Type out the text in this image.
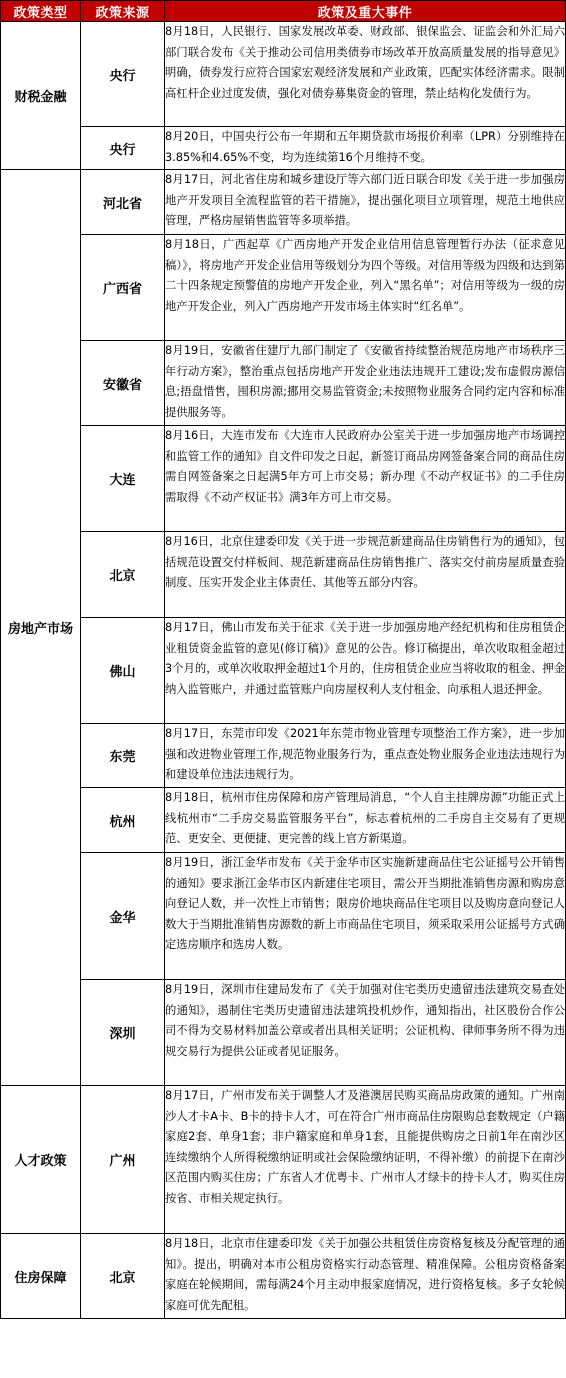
政策类型	政策来源	政策及重大事件
财税金融	央行	8月18日，人民银行、国家发展改革委、财政部、银保监会、证监会和外汇局六部门联合发布《关于推动公司信用类债券市场改革开放高质量发展的指导意见》明确，债券发行应符合国家宏观经济发展和产业政策，匹配实体经济需求。限制高杠杆企业过度发债，强化对债券募集资金的管理，禁止结构化发债行为。
	央行	8月20日，中国央行公布一年期和五年期贷款市场报价利率（LPR）分别维持在3.85%和4.65%不变，均为连续第16个月维持不变。
房地产市场	河北省	8月17日，河北省住房和城乡建设厅等六部门近日联合印发《关于进一步加强房地产开发项目全流程监管的若干措施》，提出强化项目立项管理，规范土地供应管理，严格房屋销售监管等多项举措。
	广西省	8月18日，广西起草《广西房地产开发企业信用信息管理暂行办法（征求意见稿）》，将房地产开发企业信用等级划分为四个等级。对信用等级为四级和达到第二十四条规定预警值的房地产开发企业，列入“黑名单”；对信用等级为一级的房地产开发企业，列入广西房地产开发市场主体实时“红名单”。
	安徽省	8月19日，安徽省住建厅九部门制定了《安徽省持续整治规范房地产市场秩序三年行动方案》，整治重点包括房地产开发企业违法违规开工建设;发布虚假房源信息;捂盘惜售，囤积房源;挪用交易监管资金;未按照物业服务合同约定内容和标准提供服务等。
	大连	8月16日，大连市发布《大连市人民政府办公室关于进一步加强房地产市场调控和监管工作的通知》自文件印发之日起，新签订商品房网签备案合同的商品住房需自网签备案之日起满5年方可上市交易；新办理《不动产权证书》的二手住房需取得《不动产权证书》满3年方可上市交易。
	北京	8月16日，北京住建委印发《关于进一步规范新建商品住房销售行为的通知》，包括规范设置交付样板间、规范新建商品住房销售推广、落实交付前房屋质量查验制度、压实开发企业主体责任、其他等五部分内容。
	佛山	8月17日，佛山市发布关于征求《关于进一步加强房地产经纪机构和住房租赁企业租赁资金监管的意见(修订稿)》意见的公告。修订稿提出，单次收取租金超过3个月的，或单次收取押金超过1个月的，住房租赁企业应当将收取的租金、押金纳入监管账户，并通过监管账户向房屋权利人支付租金、向承租人退还押金。
	东莞	8月17日，东莞市印发《2021年东莞市物业管理专项整治工作方案》，进一步加强和改进物业管理工作,规范物业服务行为，重点查处物业服务企业违法违规行为和建设单位违法违规行为。
	杭州	8月18日，杭州市住房保障和房产管理局消息，“个人自主挂牌房源”功能正式上线杭州市“二手房交易监管服务平台”，标志着杭州的二手房自主交易有了更规范、更安全、更便捷、更完善的线上官方新渠道。
	金华	8月19日，浙江金华市发布《关于金华市区实施新建商品住宅公证摇号公开销售的通知》要求浙江金华市区内新建住宅项目，需公开当期批准销售房源和购房意向登记人数，并一次性上市销售；限房价地块商品住宅项目以及购房意向登记人数大于当期批准销售房源数的新上市商品住宅项目，须采取采用公证摇号方式确定选房顺序和选房人数。
	深圳	8月19日，深圳市住建局发布了《关于加强对住宅类历史遗留违法建筑交易查处的通知》，遏制住宅类历史遗留违法建筑投机炒作，通知指出，社区股份合作公司不得为交易材料加盖公章或者出具相关证明；公证机构、律师事务所不得为违规交易行为提供公证或者见证服务。
人才政策	广州	8月17日，广州市发布关于调整人才及港澳居民购买商品房政策的通知。广州南沙人才卡A卡、B卡的持卡人才，可在符合广州市商品住房限购总套数规定（户籍家庭2套、单身1套；非户籍家庭和单身1套，且能提供购房之日前1年在南沙区连续缴纳个人所得税缴纳证明或社会保险缴纳证明，不得补缴）的前提下在南沙区范围内购买住房；广东省人才优粤卡、广州市人才绿卡的持卡人才，购买住房按省、市相关规定执行。
住房保障	北京	8月18日，北京市住建委印发《关于加强公共租赁住房资格复核及分配管理的通知》。提出，明确对本市公租房资格实行动态管理、精准保障。公租房资格备案家庭在轮候期间，需每满24个月主动申报家庭情况，进行资格复核。多子女轮候家庭可优先配租。
